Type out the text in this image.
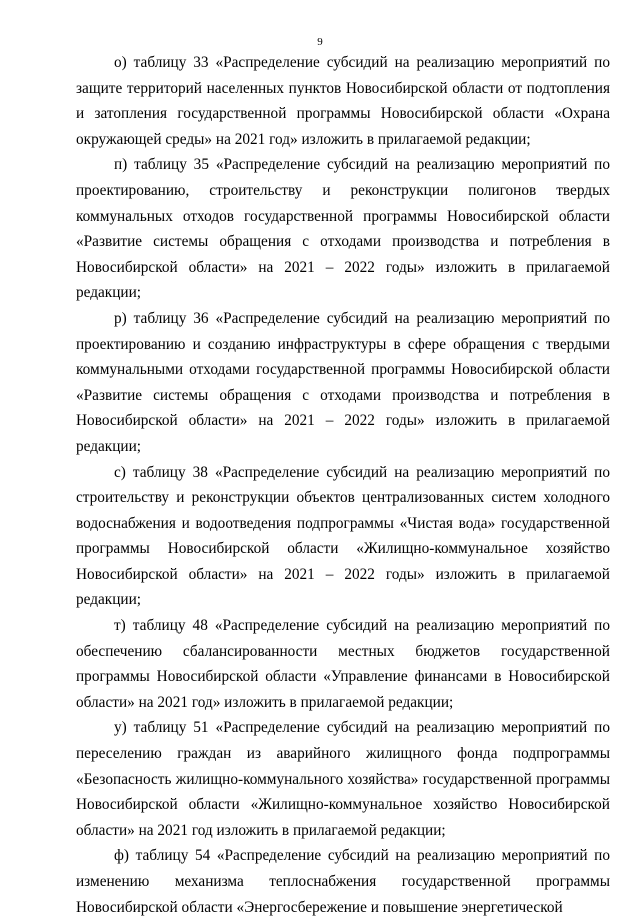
9

о) таблицу 33 «Распределение субсидий на реализацию мероприятий по защите территорий населенных пунктов Новосибирской области от подтопления и затопления государственной программы Новосибирской области «Охрана окружающей среды» на 2021 год» изложить в прилагаемой редакции;

п) таблицу 35 «Распределение субсидий на реализацию мероприятий по проектированию, строительству и реконструкции полигонов твердых коммунальных отходов государственной программы Новосибирской области «Развитие системы обращения с отходами производства и потребления в Новосибирской области» на 2021 – 2022 годы» изложить в прилагаемой редакции;

р) таблицу 36 «Распределение субсидий на реализацию мероприятий по проектированию и созданию инфраструктуры в сфере обращения с твердыми коммунальными отходами государственной программы Новосибирской области «Развитие системы обращения с отходами производства и потребления в Новосибирской области» на 2021 – 2022 годы» изложить в прилагаемой редакции;

с) таблицу 38 «Распределение субсидий на реализацию мероприятий по строительству и реконструкции объектов централизованных систем холодного водоснабжения и водоотведения подпрограммы «Чистая вода» государственной программы Новосибирской области «Жилищно-коммунальное хозяйство Новосибирской области» на 2021 – 2022 годы» изложить в прилагаемой редакции;

т) таблицу 48 «Распределение субсидий на реализацию мероприятий по обеспечению сбалансированности местных бюджетов государственной программы Новосибирской области «Управление финансами в Новосибирской области» на 2021 год» изложить в прилагаемой редакции;

у) таблицу 51 «Распределение субсидий на реализацию мероприятий по переселению граждан из аварийного жилищного фонда подпрограммы «Безопасность жилищно-коммунального хозяйства» государственной программы Новосибирской области «Жилищно-коммунальное хозяйство Новосибирской области» на 2021 год изложить в прилагаемой редакции;

ф) таблицу 54 «Распределение субсидий на реализацию мероприятий по изменению механизма теплоснабжения государственной программы Новосибирской области «Энергосбережение и повышение энергетической
